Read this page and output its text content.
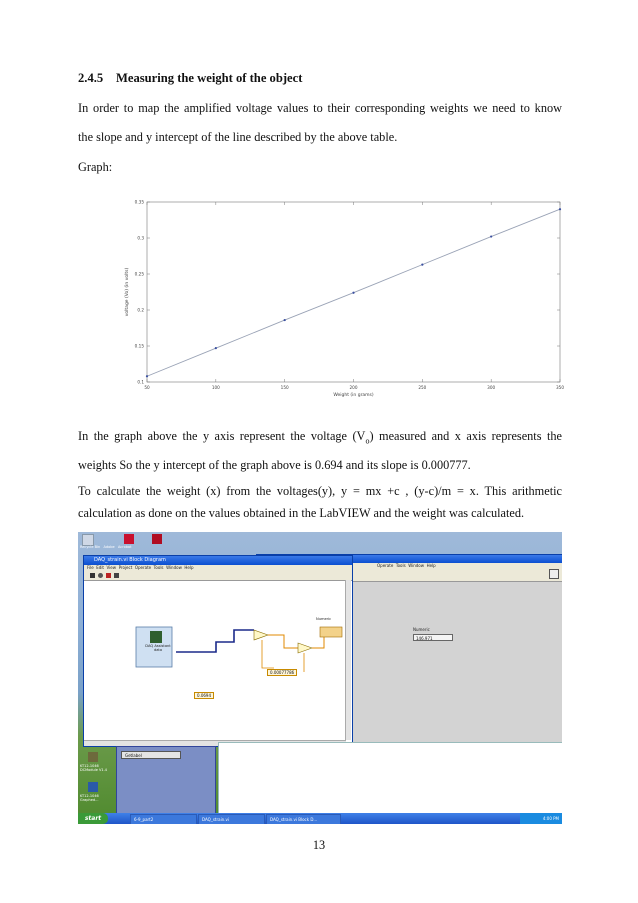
2.4.5 Measuring the weight of the object
In order to map the amplified voltage values to their corresponding weights we need to know
the slope and y intercept of the line described by the above table.
Graph:
50	100	150	200	250	300	350
0.1
0.15
0.2
0.25
0.3
0.35
Weight (in grams)
voltage (Vo) (in volts)
In the graph above the y axis represent the voltage $(V_o)$ measured and x axis represents the
weights So the y intercept of the graph above is 0.694 and its slope is 0.000777.
To calculate the weight (x) from the voltages(y), y = mx +c , (y-c)/m = x. This arithmetic
calculation as done on the values obtained in the LabVIEW and the weight was calculated.
Recycle Bin Adobe Acrobat
Operate Tools Window Help
Numeric
146.971
DAQ_strain.vi Block Diagram
File Edit View Project Operate Tools Window Help
DAQ Assistant
data
0.00077786
0.0694
Numeric
KT12-1046
DCModule V1.4
KT12-1046
Graphed...
Getlabel
start	6-9_part2	DAQ_strain.vi	DAQ_strain.vi Block D...	4:00 PM
13
